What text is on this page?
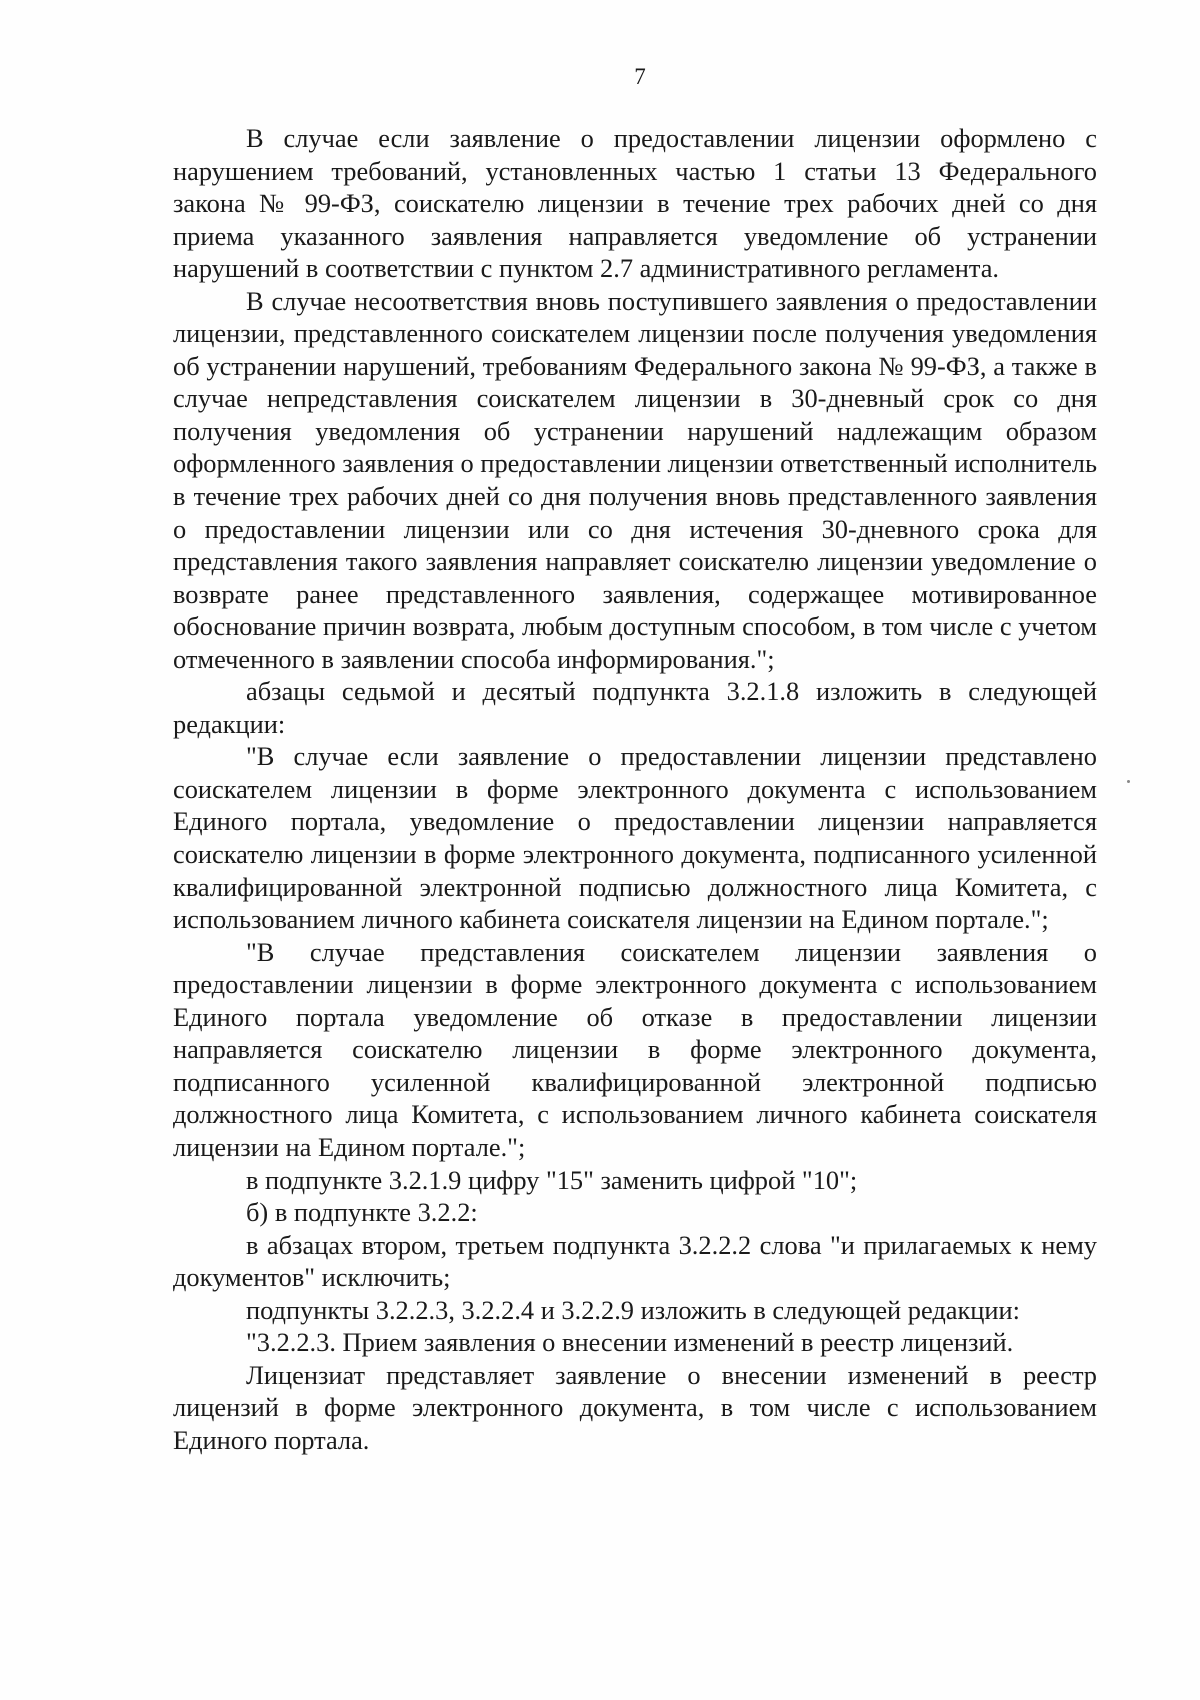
7

В случае если заявление о предоставлении лицензии оформлено с нарушением требований, установленных частью 1 статьи 13 Федерального закона № 99-ФЗ, соискателю лицензии в течение трех рабочих дней со дня приема указанного заявления направляется уведомление об устранении нарушений в соответствии с пунктом 2.7 административного регламента.

В случае несоответствия вновь поступившего заявления о предоставлении лицензии, представленного соискателем лицензии после получения уведомления об устранении нарушений, требованиям Федерального закона № 99-ФЗ, а также в случае непредставления соискателем лицензии в 30-дневный срок со дня получения уведомления об устранении нарушений надлежащим образом оформленного заявления о предоставлении лицензии ответственный исполнитель в течение трех рабочих дней со дня получения вновь представленного заявления о предоставлении лицензии или со дня истечения 30-дневного срока для представления такого заявления направляет соискателю лицензии уведомление о возврате ранее представленного заявления, содержащее мотивированное обоснование причин возврата, любым доступным способом, в том числе с учетом отмеченного в заявлении способа информирования.";

абзацы седьмой и десятый подпункта 3.2.1.8 изложить в следующей редакции:

"В случае если заявление о предоставлении лицензии представлено соискателем лицензии в форме электронного документа с использованием Единого портала, уведомление о предоставлении лицензии направляется соискателю лицензии в форме электронного документа, подписанного усиленной квалифицированной электронной подписью должностного лица Комитета, с использованием личного кабинета соискателя лицензии на Едином портале.";

"В случае представления соискателем лицензии заявления о предоставлении лицензии в форме электронного документа с использованием Единого портала уведомление об отказе в предоставлении лицензии направляется соискателю лицензии в форме электронного документа, подписанного усиленной квалифицированной электронной подписью должностного лица Комитета, с использованием личного кабинета соискателя лицензии на Едином портале.";

в подпункте 3.2.1.9 цифру "15" заменить цифрой "10";

б) в подпункте 3.2.2:

в абзацах втором, третьем подпункта 3.2.2.2 слова "и прилагаемых к нему документов" исключить;

подпункты 3.2.2.3, 3.2.2.4 и 3.2.2.9 изложить в следующей редакции:

"3.2.2.3. Прием заявления о внесении изменений в реестр лицензий.

Лицензиат представляет заявление о внесении изменений в реестр лицензий в форме электронного документа, в том числе с использованием Единого портала.
